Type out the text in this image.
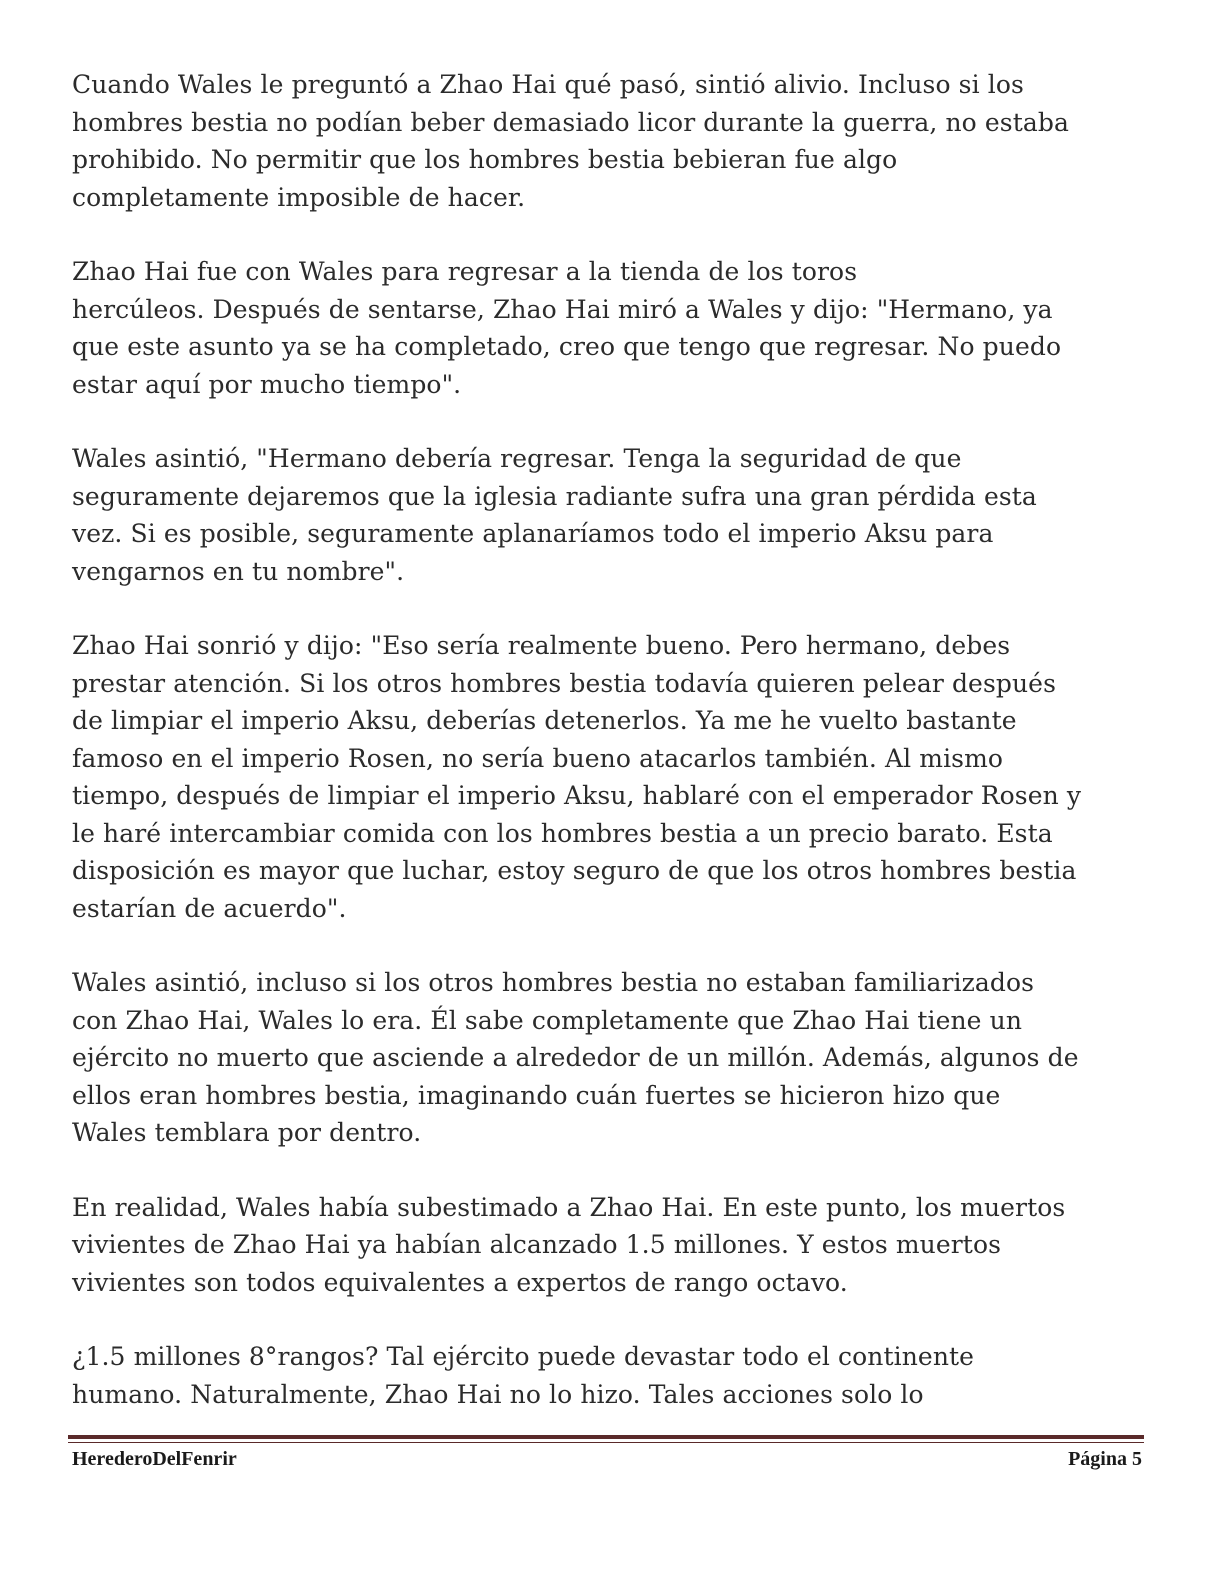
Cuando Wales le preguntó a Zhao Hai qué pasó, sintió alivio. Incluso si los
hombres bestia no podían beber demasiado licor durante la guerra, no estaba
prohibido. No permitir que los hombres bestia bebieran fue algo
completamente imposible de hacer.
Zhao Hai fue con Wales para regresar a la tienda de los toros
hercúleos. Después de sentarse, Zhao Hai miró a Wales y dijo: "Hermano, ya
que este asunto ya se ha completado, creo que tengo que regresar. No puedo
estar aquí por mucho tiempo".
Wales asintió, "Hermano debería regresar. Tenga la seguridad de que
seguramente dejaremos que la iglesia radiante sufra una gran pérdida esta
vez. Si es posible, seguramente aplanaríamos todo el imperio Aksu para
vengarnos en tu nombre".
Zhao Hai sonrió y dijo: "Eso sería realmente bueno. Pero hermano, debes
prestar atención. Si los otros hombres bestia todavía quieren pelear después
de limpiar el imperio Aksu, deberías detenerlos. Ya me he vuelto bastante
famoso en el imperio Rosen, no sería bueno atacarlos también. Al mismo
tiempo, después de limpiar el imperio Aksu, hablaré con el emperador Rosen y
le haré intercambiar comida con los hombres bestia a un precio barato. Esta
disposición es mayor que luchar, estoy seguro de que los otros hombres bestia
estarían de acuerdo".
Wales asintió, incluso si los otros hombres bestia no estaban familiarizados
con Zhao Hai, Wales lo era. Él sabe completamente que Zhao Hai tiene un
ejército no muerto que asciende a alrededor de un millón. Además, algunos de
ellos eran hombres bestia, imaginando cuán fuertes se hicieron hizo que
Wales temblara por dentro.
En realidad, Wales había subestimado a Zhao Hai. En este punto, los muertos
vivientes de Zhao Hai ya habían alcanzado 1.5 millones. Y estos muertos
vivientes son todos equivalentes a expertos de rango octavo.
¿1.5 millones 8°rangos? Tal ejército puede devastar todo el continente
humano. Naturalmente, Zhao Hai no lo hizo. Tales acciones solo lo
HerederoDelFenrir	Página 5
